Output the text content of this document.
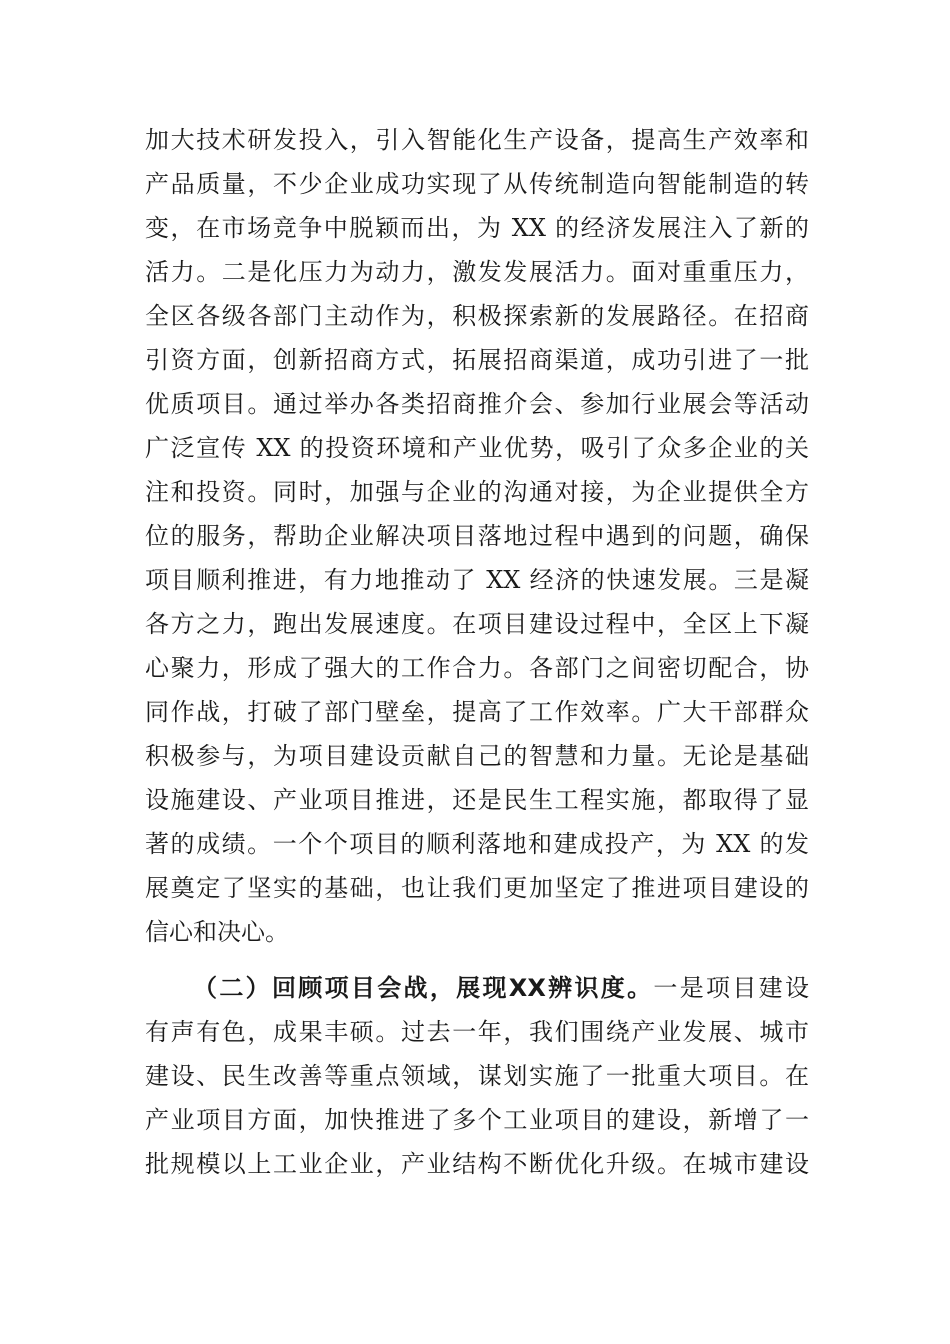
加大技术研发投入，引入智能化生产设备，提高生产效率和
产品质量，不少企业成功实现了从传统制造向智能制造的转
变，在市场竞争中脱颖而出，为 XX 的经济发展注入了新的
活力。二是化压力为动力，激发发展活力。面对重重压力，
全区各级各部门主动作为，积极探索新的发展路径。在招商
引资方面，创新招商方式，拓展招商渠道，成功引进了一批
优质项目。通过举办各类招商推介会、参加行业展会等活动
广泛宣传 XX 的投资环境和产业优势，吸引了众多企业的关
注和投资。同时，加强与企业的沟通对接，为企业提供全方
位的服务，帮助企业解决项目落地过程中遇到的问题，确保
项目顺利推进，有力地推动了 XX 经济的快速发展。三是凝
各方之力，跑出发展速度。在项目建设过程中，全区上下凝
心聚力，形成了强大的工作合力。各部门之间密切配合，协
同作战，打破了部门壁垒，提高了工作效率。广大干部群众
积极参与，为项目建设贡献自己的智慧和力量。无论是基础
设施建设、产业项目推进，还是民生工程实施，都取得了显
著的成绩。一个个项目的顺利落地和建成投产，为 XX 的发
展奠定了坚实的基础，也让我们更加坚定了推进项目建设的
信心和决心。
（二）回顾项目会战，展现XX辨识度。一是项目建设
有声有色，成果丰硕。过去一年，我们围绕产业发展、城市
建设、民生改善等重点领域，谋划实施了一批重大项目。在
产业项目方面，加快推进了多个工业项目的建设，新增了一
批规模以上工业企业，产业结构不断优化升级。在城市建设
